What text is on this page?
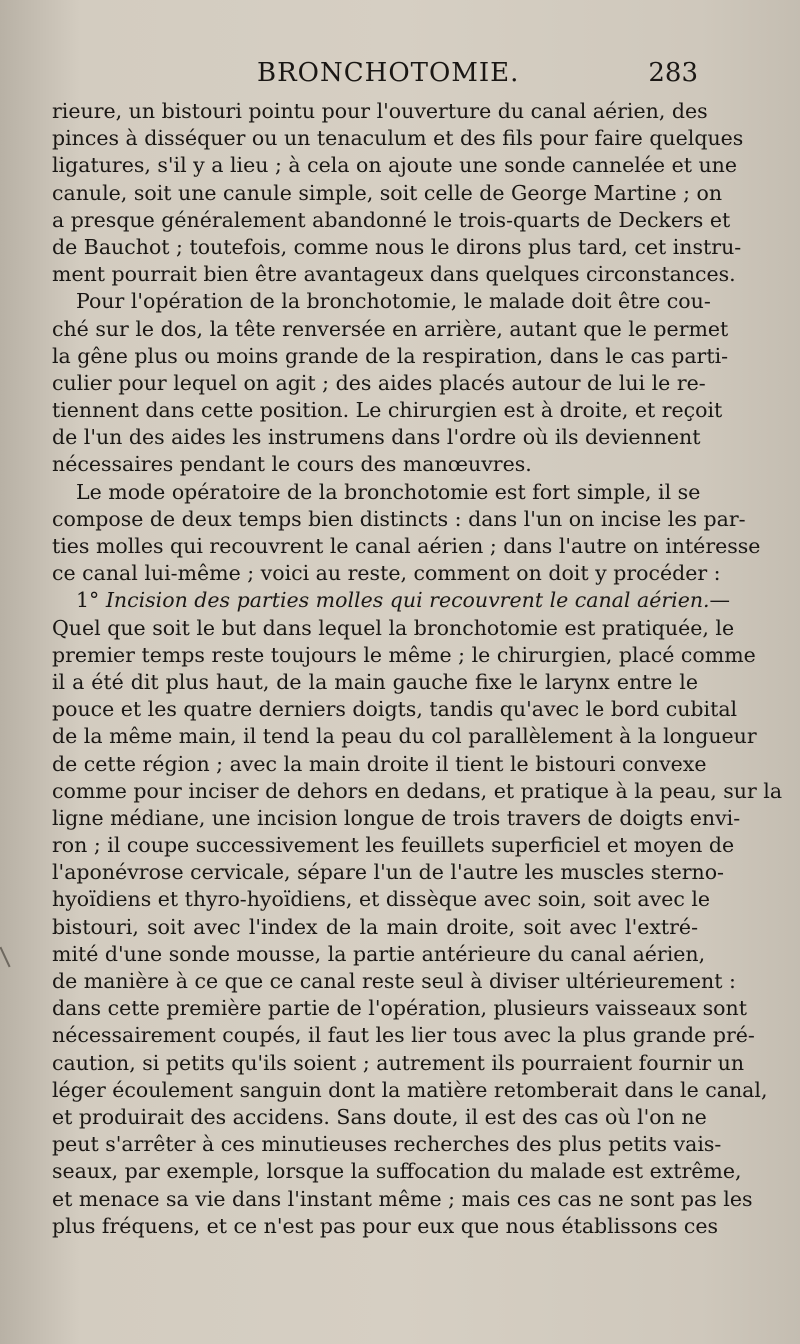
BRONCHOTOMIE.	283
rieure, un bistouri pointu pour l'ouverture du canal aérien, des
pinces à disséquer ou un tenaculum et des fils pour faire quelques
ligatures, s'il y a lieu ; à cela on ajoute une sonde cannelée et une
canule, soit une canule simple, soit celle de George Martine ; on
a presque généralement abandonné le trois-quarts de Deckers et
de Bauchot ; toutefois, comme nous le dirons plus tard, cet instru-
ment pourrait bien être avantageux dans quelques circonstances.
Pour l'opération de la bronchotomie, le malade doit être cou-
ché sur le dos, la tête renversée en arrière, autant que le permet
la gêne plus ou moins grande de la respiration, dans le cas parti-
culier pour lequel on agit ; des aides placés autour de lui le re-
tiennent dans cette position. Le chirurgien est à droite, et reçoit
de l'un des aides les instrumens dans l'ordre où ils deviennent
nécessaires pendant le cours des manœuvres.
Le mode opératoire de la bronchotomie est fort simple, il se
compose de deux temps bien distincts : dans l'un on incise les par-
ties molles qui recouvrent le canal aérien ; dans l'autre on intéresse
ce canal lui-même ; voici au reste, comment on doit y procéder :
1° Incision des parties molles qui recouvrent le canal aérien.—
Quel que soit le but dans lequel la bronchotomie est pratiquée, le
premier temps reste toujours le même ; le chirurgien, placé comme
il a été dit plus haut, de la main gauche fixe le larynx entre le
pouce et les quatre derniers doigts, tandis qu'avec le bord cubital
de la même main, il tend la peau du col parallèlement à la longueur
de cette région ; avec la main droite il tient le bistouri convexe
comme pour inciser de dehors en dedans, et pratique à la peau, sur la
ligne médiane, une incision longue de trois travers de doigts envi-
ron ; il coupe successivement les feuillets superficiel et moyen de
l'aponévrose cervicale, sépare l'un de l'autre les muscles sterno-
hyoïdiens et thyro-hyoïdiens, et dissèque avec soin, soit avec le
bistouri, soit avec l'index de la main droite, soit avec l'extré-
mité d'une sonde mousse, la partie antérieure du canal aérien,
de manière à ce que ce canal reste seul à diviser ultérieurement :
dans cette première partie de l'opération, plusieurs vaisseaux sont
nécessairement coupés, il faut les lier tous avec la plus grande pré-
caution, si petits qu'ils soient ; autrement ils pourraient fournir un
léger écoulement sanguin dont la matière retomberait dans le canal,
et produirait des accidens. Sans doute, il est des cas où l'on ne
peut s'arrêter à ces minutieuses recherches des plus petits vais-
seaux, par exemple, lorsque la suffocation du malade est extrême,
et menace sa vie dans l'instant même ; mais ces cas ne sont pas les
plus fréquens, et ce n'est pas pour eux que nous établissons ces
